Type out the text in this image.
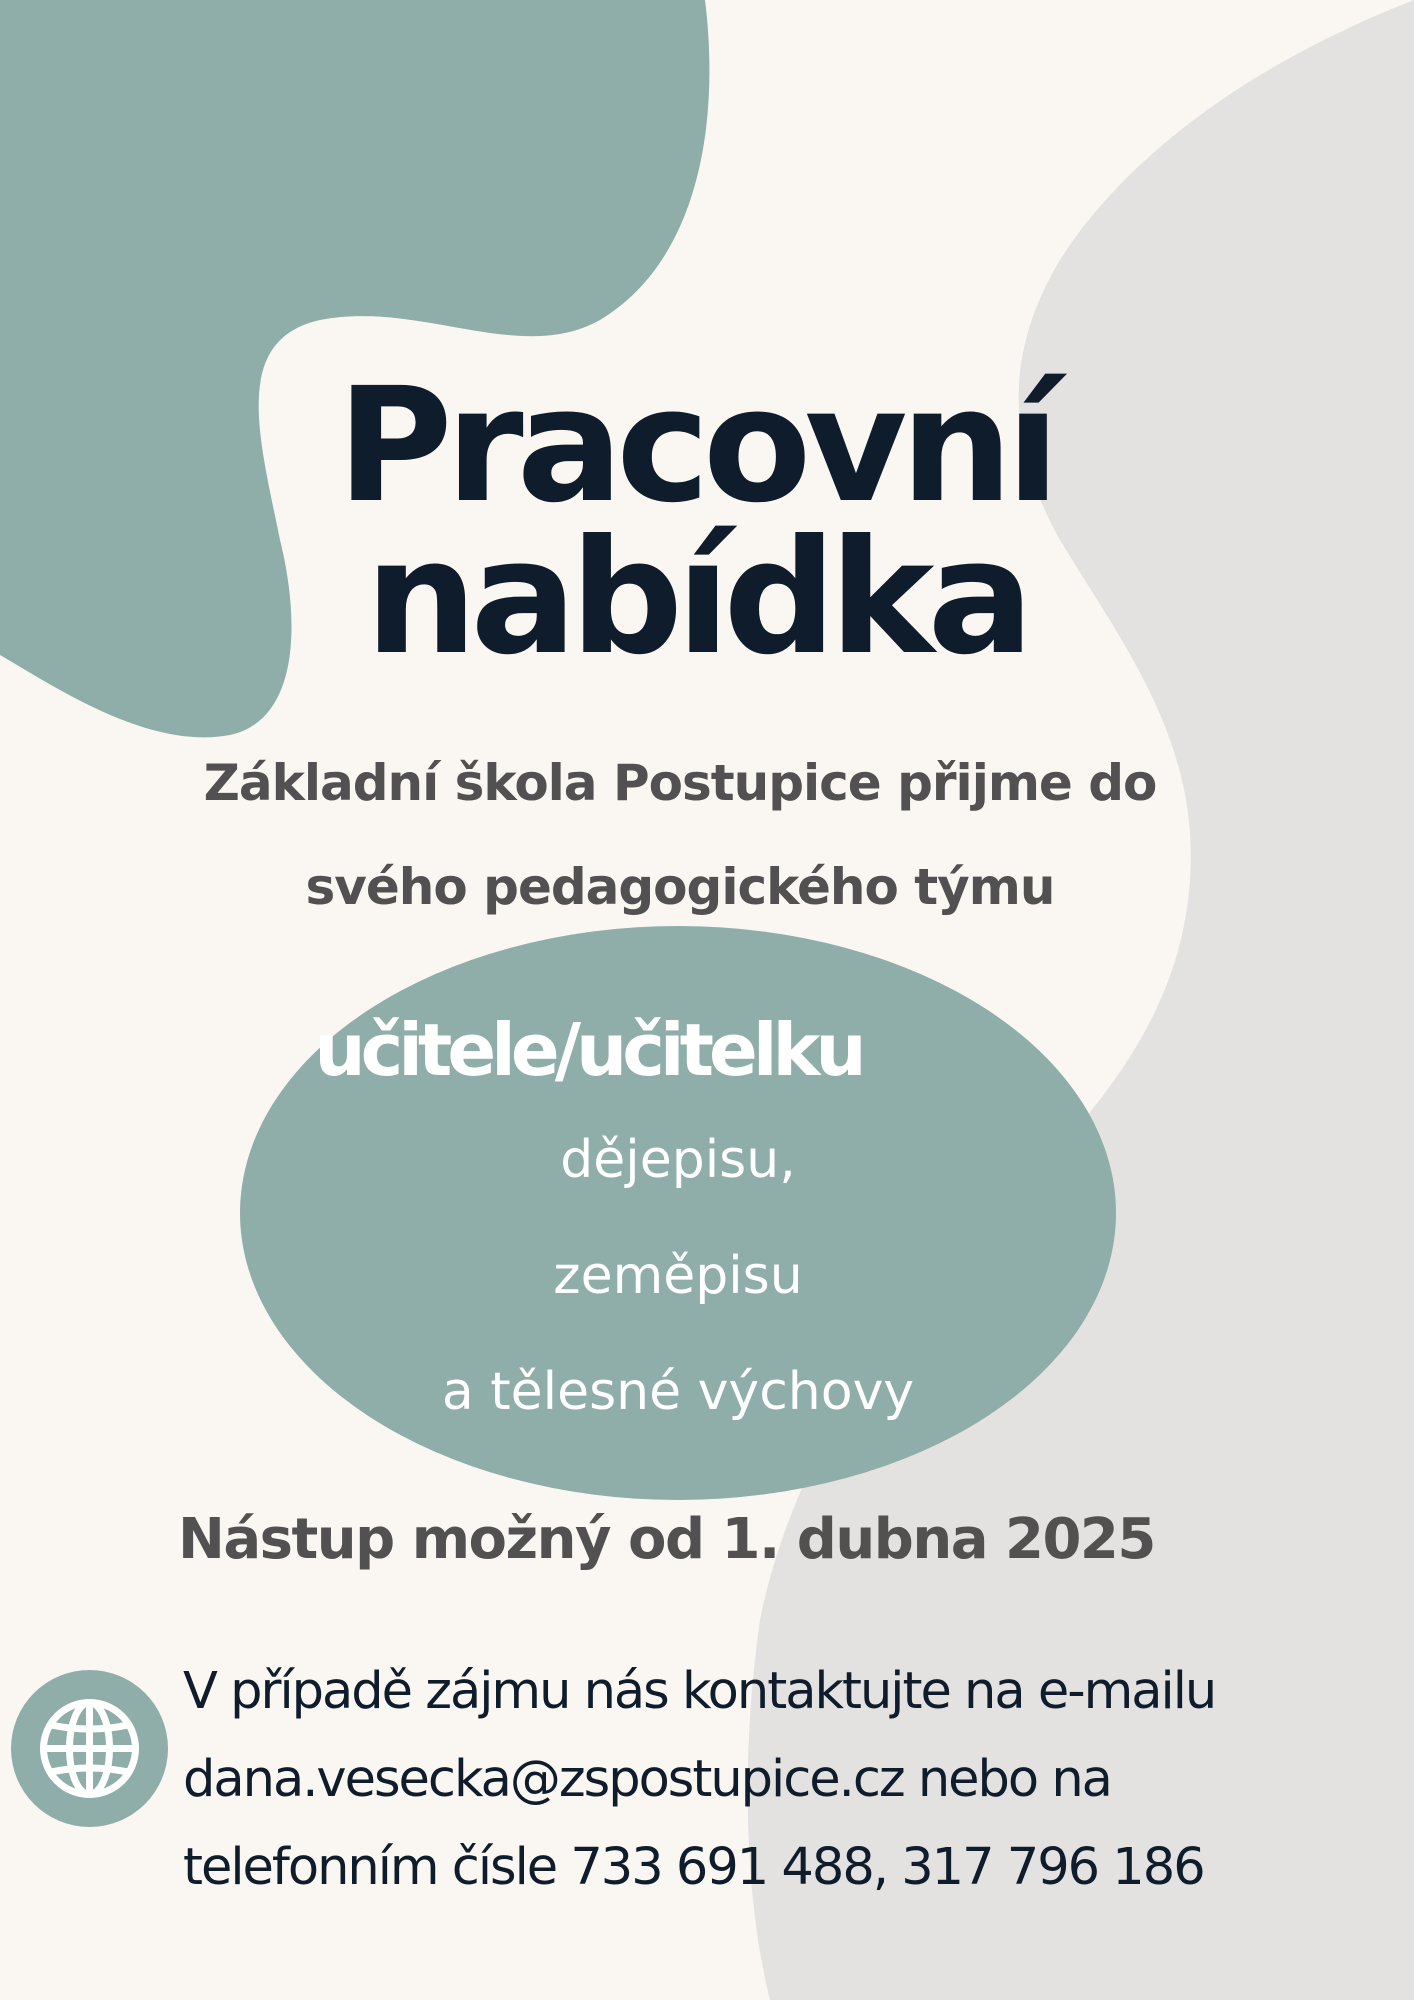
Pracovní
nabídka
Základní škola Postupice přijme do
svého pedagogického týmu
učitele/učitelku
dějepisu,
zeměpisu
a tělesné výchovy
Nástup možný od 1. dubna 2025
V případě zájmu nás kontaktujte na e-mailu
dana.vesecka@zspostupice.cz nebo na
telefonním čísle 733 691 488, 317 796 186
